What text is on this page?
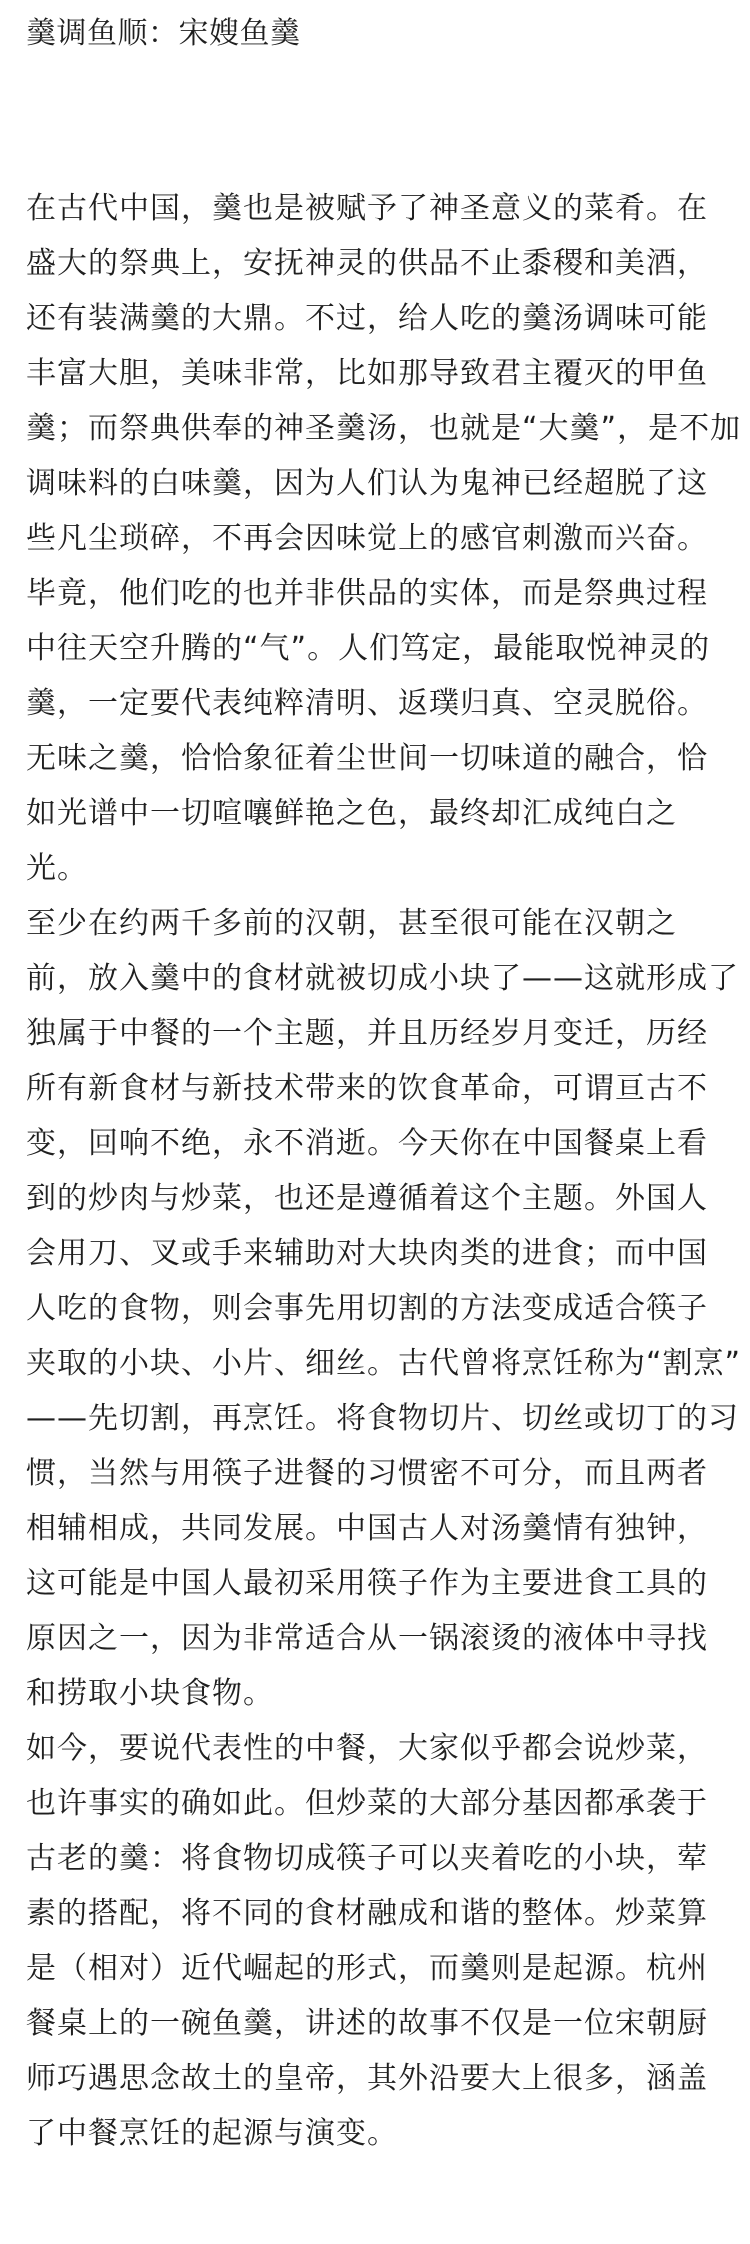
羹调鱼顺：宋嫂鱼羹
在古代中国，羹也是被赋予了神圣意义的菜肴。在
盛大的祭典上，安抚神灵的供品不止黍稷和美酒，
还有装满羹的大鼎。不过，给人吃的羹汤调味可能
丰富大胆，美味非常，比如那导致君主覆灭的甲鱼
羹；而祭典供奉的神圣羹汤，也就是“大羹”，是不加
调味料的白味羹，因为人们认为鬼神已经超脱了这
些凡尘琐碎，不再会因味觉上的感官刺激而兴奋。
毕竟，他们吃的也并非供品的实体，而是祭典过程
中往天空升腾的“气”。人们笃定，最能取悦神灵的
羹，一定要代表纯粹清明、返璞归真、空灵脱俗。
无味之羹，恰恰象征着尘世间一切味道的融合，恰
如光谱中一切喧嚷鲜艳之色，最终却汇成纯白之
光。
至少在约两千多前的汉朝，甚至很可能在汉朝之
前，放入羹中的食材就被切成小块了——这就形成了
独属于中餐的一个主题，并且历经岁月变迁，历经
所有新食材与新技术带来的饮食革命，可谓亘古不
变，回响不绝，永不消逝。今天你在中国餐桌上看
到的炒肉与炒菜，也还是遵循着这个主题。外国人
会用刀、叉或手来辅助对大块肉类的进食；而中国
人吃的食物，则会事先用切割的方法变成适合筷子
夹取的小块、小片、细丝。古代曾将烹饪称为“割烹”
——先切割，再烹饪。将食物切片、切丝或切丁的习
惯，当然与用筷子进餐的习惯密不可分，而且两者
相辅相成，共同发展。中国古人对汤羹情有独钟，
这可能是中国人最初采用筷子作为主要进食工具的
原因之一，因为非常适合从一锅滚烫的液体中寻找
和捞取小块食物。
如今，要说代表性的中餐，大家似乎都会说炒菜，
也许事实的确如此。但炒菜的大部分基因都承袭于
古老的羹：将食物切成筷子可以夹着吃的小块，荤
素的搭配，将不同的食材融成和谐的整体。炒菜算
是（相对）近代崛起的形式，而羹则是起源。杭州
餐桌上的一碗鱼羹，讲述的故事不仅是一位宋朝厨
师巧遇思念故土的皇帝，其外沿要大上很多，涵盖
了中餐烹饪的起源与演变。
